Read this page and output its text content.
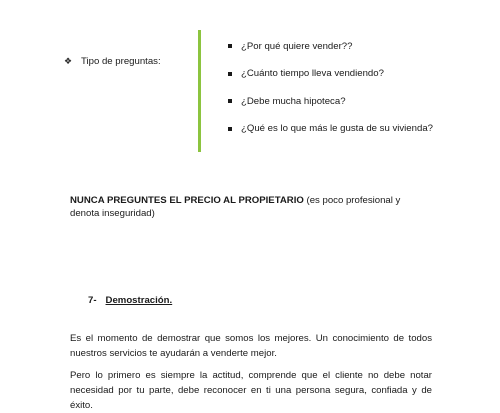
❖ Tipo de preguntas:
¿Por qué quiere vender??
¿Cuánto tiempo lleva vendiendo?
¿Debe mucha hipoteca?
¿Qué es lo que más le gusta de su vivienda?
NUNCA PREGUNTES EL PRECIO AL PROPIETARIO (es poco profesional y denota inseguridad)
7- Demostración.

Es el momento de demostrar que somos los mejores. Un conocimiento de todos nuestros servicios te ayudarán a venderte mejor.

Pero lo primero es siempre la actitud, comprende que el cliente no debe notar necesidad por tu parte, debe reconocer en ti una persona segura, confiada y de éxito.
